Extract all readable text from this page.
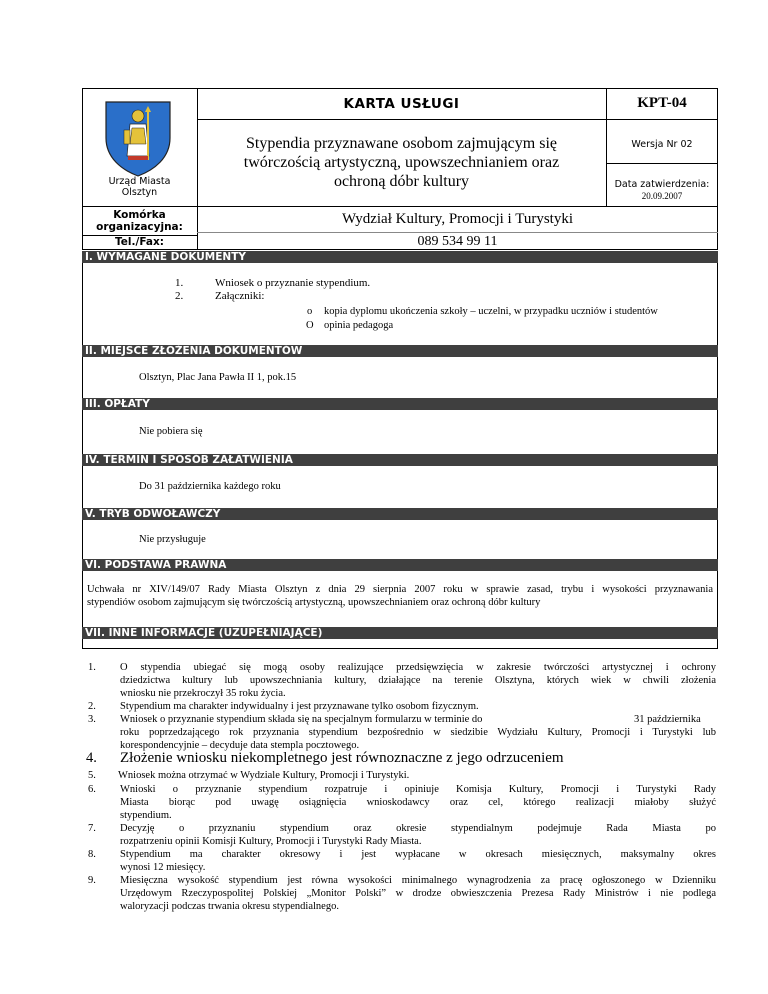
Urząd Miasta
Olsztyn
KARTA USŁUGI	KPT-04
Stypendia przyznawane osobom zajmującym się
twórczością artystyczną, upowszechnianiem oraz
ochroną dóbr kultury
Wersja Nr 02
Data zatwierdzenia:
20.09.2007
Komórka
organizacyjna:	Wydział Kultury, Promocji i Turystyki
Tel./Fax:	089 534 99 11
I. WYMAGANE DOKUMENTY
1.	Wniosek o przyznanie stypendium.
2.	Załączniki:
o kopia dyplomu ukończenia szkoły – uczelni, w przypadku uczniów i studentów
O opinia pedagoga
II. MIEJSCE ZŁOŻENIA DOKUMENTÓW
Olsztyn, Plac Jana Pawła II 1, pok.15
III. OPŁATY
Nie pobiera się
IV. TERMIN I SPOSÓB ZAŁATWIENIA
Do 31 października każdego roku
V. TRYB ODWOŁAWCZY
Nie przysługuje
VI. PODSTAWA PRAWNA
Uchwała nr XIV/149/07 Rady Miasta Olsztyn z dnia 29 sierpnia 2007 roku w sprawie zasad, trybu i wysokości przyznawania
stypendiów osobom zajmującym się twórczością artystyczną, upowszechnianiem oraz ochroną dóbr kultury
VII. INNE INFORMACJE (UZUPEŁNIAJĄCE)
1. O stypendia ubiegać się mogą osoby realizujące przedsięwzięcia w zakresie twórczości artystycznej i ochrony
dziedzictwa kultury lub upowszechniania kultury, działające na terenie Olsztyna, których wiek w chwili złożenia
wniosku nie przekroczył 35 roku życia.
2. Stypendium ma charakter indywidualny i jest przyznawane tylko osobom fizycznym.
3. Wniosek o przyznanie stypendium składa się na specjalnym formularzu w terminie do	31 października
roku poprzedzającego rok przyznania stypendium bezpośrednio w siedzibie Wydziału Kultury, Promocji i Turystyki lub
korespondencyjnie – decyduje data stempla pocztowego.
4. Złożenie wniosku niekompletnego jest równoznaczne z jego odrzuceniem
5. Wniosek można otrzymać w Wydziale Kultury, Promocji i Turystyki.
6. Wnioski o przyznanie stypendium rozpatruje i opiniuje Komisja Kultury, Promocji i Turystyki Rady
Miasta biorąc pod uwagę osiągnięcia wnioskodawcy oraz cel, którego realizacji miałoby służyć
stypendium.
7. Decyzję o przyznaniu stypendium oraz okresie stypendialnym podejmuje Rada Miasta po
rozpatrzeniu opinii Komisji Kultury, Promocji i Turystyki Rady Miasta.
8. Stypendium ma charakter okresowy i jest wypłacane w okresach miesięcznych, maksymalny okres
wynosi 12 miesięcy.
9. Miesięczna wysokość stypendium jest równa wysokości minimalnego wynagrodzenia za pracę ogłoszonego w Dzienniku
Urzędowym Rzeczypospolitej Polskiej „Monitor Polski” w drodze obwieszczenia Prezesa Rady Ministrów i nie podlega
waloryzacji podczas trwania okresu stypendialnego.
